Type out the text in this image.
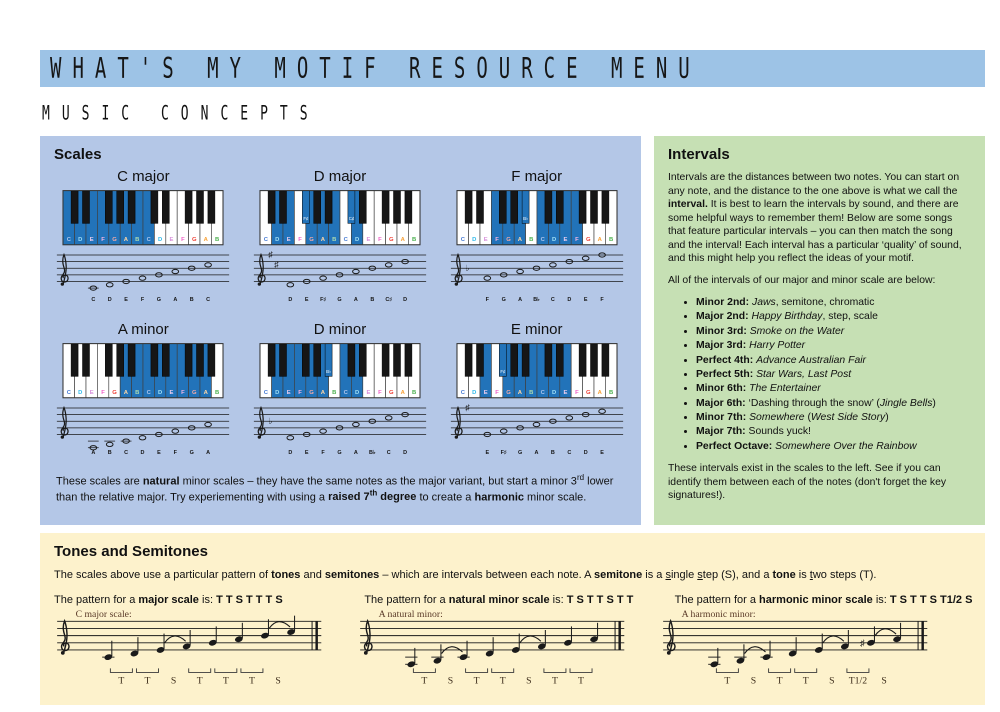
WHAT'S MY MOTIF RESOURCE MENU
MUSIC CONCEPTS
Scales
C major
C D E F G A B C D E F G A B
C D E F G A B C
D major
C D E F G A B C D E F G A B
F♯	C♯
♯
♯
D E F♯ G A B C♯ D
F major
C D E F G A B C D E F G A B
B♭
♭
F G A B♭ C D E F
A minor
C D E F G A B C D E F G A B
A B C D E F G A
D minor
C D E F G A B C D E F G A B
B♭
♭
D E F G A B♭ C D
E minor
C D E F G A B C D E F G A B
F♯
♯
E F♯ G A B C D E

These scales are natural minor scales – they have the same notes as the major variant, but start a minor 3rd lower than the relative major. Try experiementing with using a raised 7th degree to create a harmonic minor scale.

Intervals

Intervals are the distances between two notes. You can start on any note, and the distance to the one above is what we call the interval. It is best to learn the intervals by sound, and there are some helpful ways to remember them! Below are some songs that feature particular intervals – you can then match the song and the interval! Each interval has a particular ‘quality’ of sound, and this might help you reflect the ideas of your motif.

All of the intervals of our major and minor scale are below:

• Minor 2nd: Jaws, semitone, chromatic
• Major 2nd: Happy Birthday, step, scale
• Minor 3rd: Smoke on the Water
• Major 3rd: Harry Potter
• Perfect 4th: Advance Australian Fair
• Perfect 5th: Star Wars, Last Post
• Minor 6th: The Entertainer
• Major 6th: ‘Dashing through the snow’ (Jingle Bells)
• Minor 7th: Somewhere (West Side Story)
• Major 7th: Sounds yuck!
• Perfect Octave: Somewhere Over the Rainbow

These intervals exist in the scales to the left. See if you can identify them between each of the notes (don't forget the key signatures!).

Tones and Semitones

The scales above use a particular pattern of tones and semitones – which are intervals between each note. A semitone is a single step (S), and a tone is two steps (T).

The pattern for a major scale is: T T S T T T S	The pattern for a natural minor scale is: T S T T S T T	The pattern for a harmonic minor scale is: T S T T S T1/2 S
C major scale:
T T S T T T S
A natural minor:
T S T T S T T
A harmonic minor:
♯
T S T T S T1/2 S
